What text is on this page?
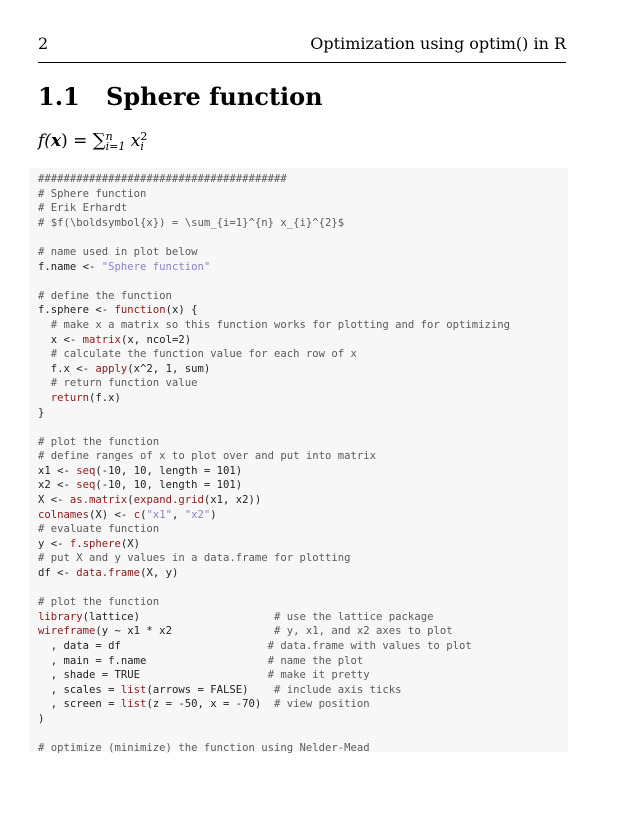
2	Optimization using optim() in R
1.1 Sphere function
f(x) = ∑n
i=1 x2
i
#######################################
# Sphere function
# Erik Erhardt
# $f(\boldsymbol{x}) = \sum_{i=1}^{n} x_{i}^{2}$
# name used in plot below
f.name <- "Sphere function"
# define the function
f.sphere <- function(x) {
# make x a matrix so this function works for plotting and for optimizing
x <- matrix(x, ncol=2)
# calculate the function value for each row of x
f.x <- apply(x^2, 1, sum)
# return function value
return(f.x)
}
# plot the function
# define ranges of x to plot over and put into matrix
x1 <- seq(-10, 10, length = 101)
x2 <- seq(-10, 10, length = 101)
X <- as.matrix(expand.grid(x1, x2))
colnames(X) <- c("x1", "x2")
# evaluate function
y <- f.sphere(X)
# put X and y values in a data.frame for plotting
df <- data.frame(X, y)
# plot the function
library(lattice)                     # use the lattice package
wireframe(y ~ x1 * x2                # y, x1, and x2 axes to plot
, data = df                       # data.frame with values to plot
, main = f.name                   # name the plot
, shade = TRUE                    # make it pretty
, scales = list(arrows = FALSE)    # include axis ticks
, screen = list(z = -50, x = -70)  # view position
)
# optimize (minimize) the function using Nelder-Mead
